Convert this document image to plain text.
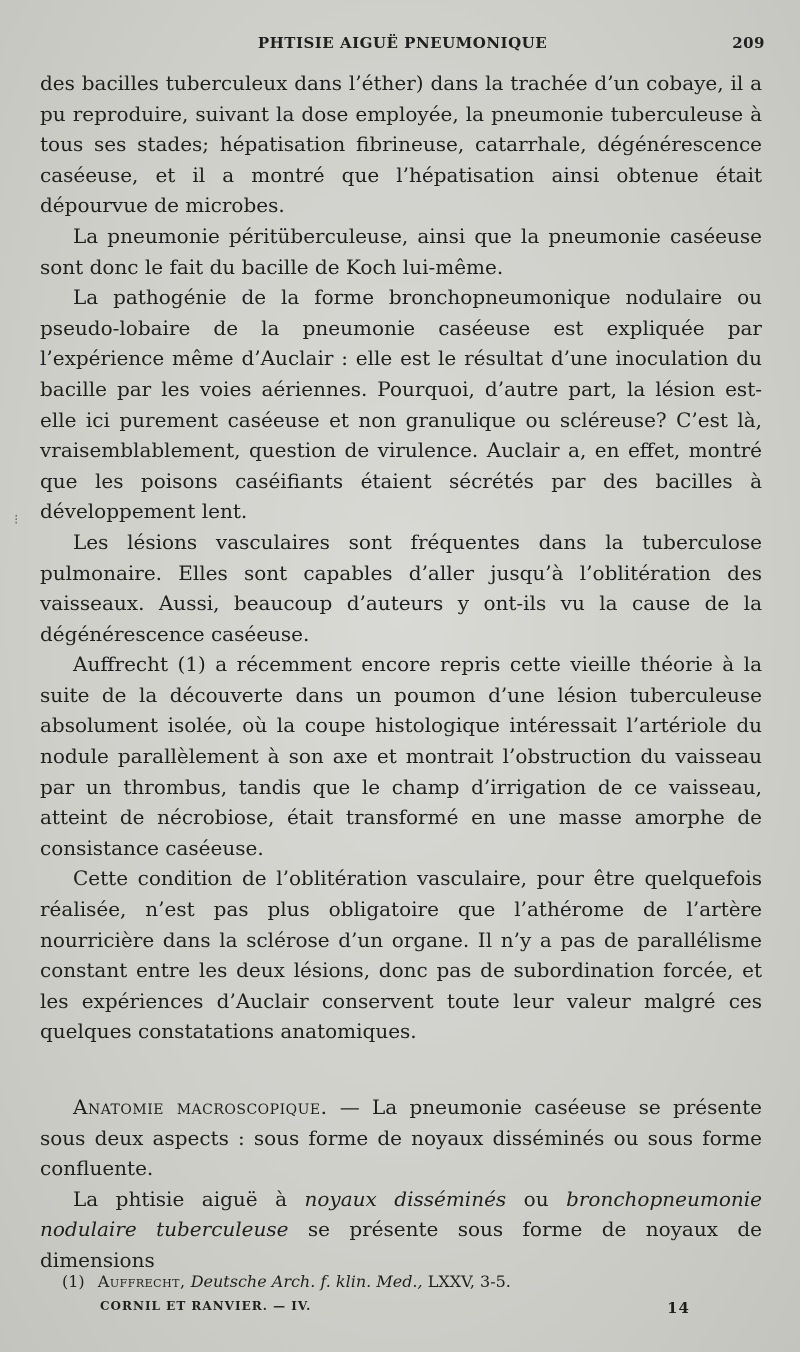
PHTISIE AIGUË PNEUMONIQUE	209
⁝

des bacilles tuberculeux dans l’éther) dans la trachée d’un cobaye, il a pu reproduire, suivant la dose employée, la pneumonie tuberculeuse à tous ses stades; hépatisation fibrineuse, catarrhale, dégénérescence caséeuse, et il a montré que l’hépatisation ainsi obtenue était dépourvue de microbes.

La pneumonie péritüberculeuse, ainsi que la pneumonie caséeuse sont donc le fait du bacille de Koch lui-même.

La pathogénie de la forme bronchopneumonique nodulaire ou pseudo-lobaire de la pneumonie caséeuse est expliquée par l’expérience même d’Auclair : elle est le résultat d’une inoculation du bacille par les voies aériennes. Pourquoi, d’autre part, la lésion est-elle ici purement caséeuse et non granulique ou scléreuse? C’est là, vraisemblablement, question de virulence. Auclair a, en effet, montré que les poisons caséifiants étaient sécrétés par des bacilles à développement lent.

Les lésions vasculaires sont fréquentes dans la tuberculose pulmonaire. Elles sont capables d’aller jusqu’à l’oblitération des vaisseaux. Aussi, beaucoup d’auteurs y ont-ils vu la cause de la dégénérescence caséeuse.

Auffrecht (1) a récemment encore repris cette vieille théorie à la suite de la découverte dans un poumon d’une lésion tuberculeuse absolument isolée, où la coupe histologique intéressait l’artériole du nodule parallèlement à son axe et montrait l’obstruction du vaisseau par un thrombus, tandis que le champ d’irrigation de ce vaisseau, atteint de nécrobiose, était transformé en une masse amorphe de consistance caséeuse.

Cette condition de l’oblitération vasculaire, pour être quelquefois réalisée, n’est pas plus obligatoire que l’athérome de l’artère nourricière dans la sclérose d’un organe. Il n’y a pas de parallélisme constant entre les deux lésions, donc pas de subordination forcée, et les expériences d’Auclair conservent toute leur valeur malgré ces quelques constatations anatomiques.

Anatomie macroscopique. — La pneumonie caséeuse se présente sous deux aspects : sous forme de noyaux disséminés ou sous forme confluente.

La phtisie aiguë à noyaux disséminés ou bronchopneumonie nodulaire tuberculeuse se présente sous forme de noyaux de dimensions

(1) Auffrecht, Deutsche Arch. f. klin. Med., LXXV, 3-5.
CORNIL ET RANVIER. — IV.	14
